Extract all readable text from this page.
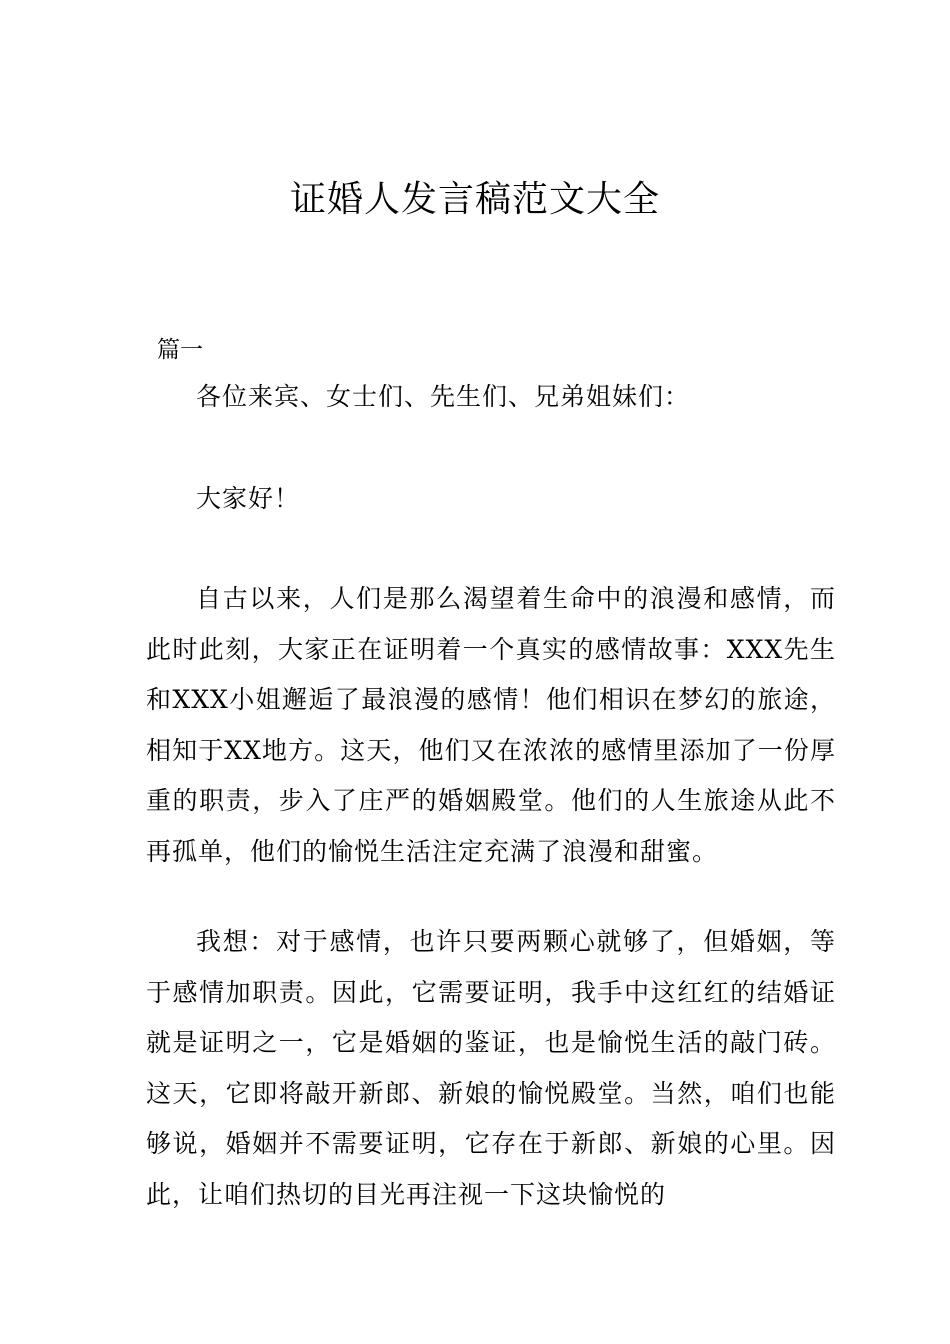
证婚人发言稿范文大全

篇一

各位来宾、女士们、先生们、兄弟姐妹们：

大家好！

自古以来，人们是那么渴望着生命中的浪漫和感情，而此时此刻，大家正在证明着一个真实的感情故事：XXX先生和XXX小姐邂逅了最浪漫的感情！他们相识在梦幻的旅途，相知于XX地方。这天，他们又在浓浓的感情里添加了一份厚重的职责，步入了庄严的婚姻殿堂。他们的人生旅途从此不再孤单，他们的愉悦生活注定充满了浪漫和甜蜜。

我想：对于感情，也许只要两颗心就够了，但婚姻，等于感情加职责。因此，它需要证明，我手中这红红的结婚证就是证明之一，它是婚姻的鉴证，也是愉悦生活的敲门砖。这天，它即将敲开新郎、新娘的愉悦殿堂。当然，咱们也能够说，婚姻并不需要证明，它存在于新郎、新娘的心里。因此，让咱们热切的目光再注视一下这块愉悦的
